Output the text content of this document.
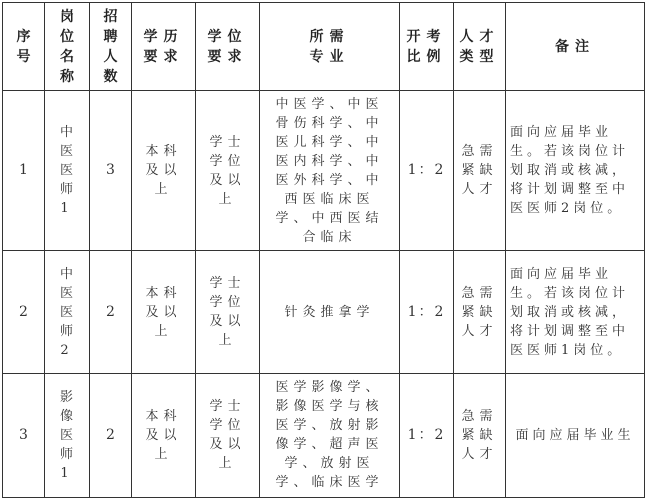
序号	岗位名称	招聘人数	学历要求	学位要求	所需专业	开考比例	人才类型	备注
1	中医医师1	3	本科及以上	学士学位及以上	中医学、中医骨伤科学、中医儿科学、中医内科学、中医外科学、中西医临床医学、中西医结合临床	1：2	急需紧缺人才	面向应届毕业生。若该岗位计划取消或核减，将计划调整至中医医师2岗位。

2	中医医师2	2	本科及以上	学士学位及以上	针灸推拿学	1：2	急需紧缺人才	面向应届毕业生。若该岗位计划取消或核减，将计划调整至中医医师1岗位。

3	影像医师1	2	本科及以上	学士学位及以上	医学影像学、影像医学与核医学、放射影像学、超声医学、放射医学、临床医学	1：2	急需紧缺人才	面向应届毕业生
